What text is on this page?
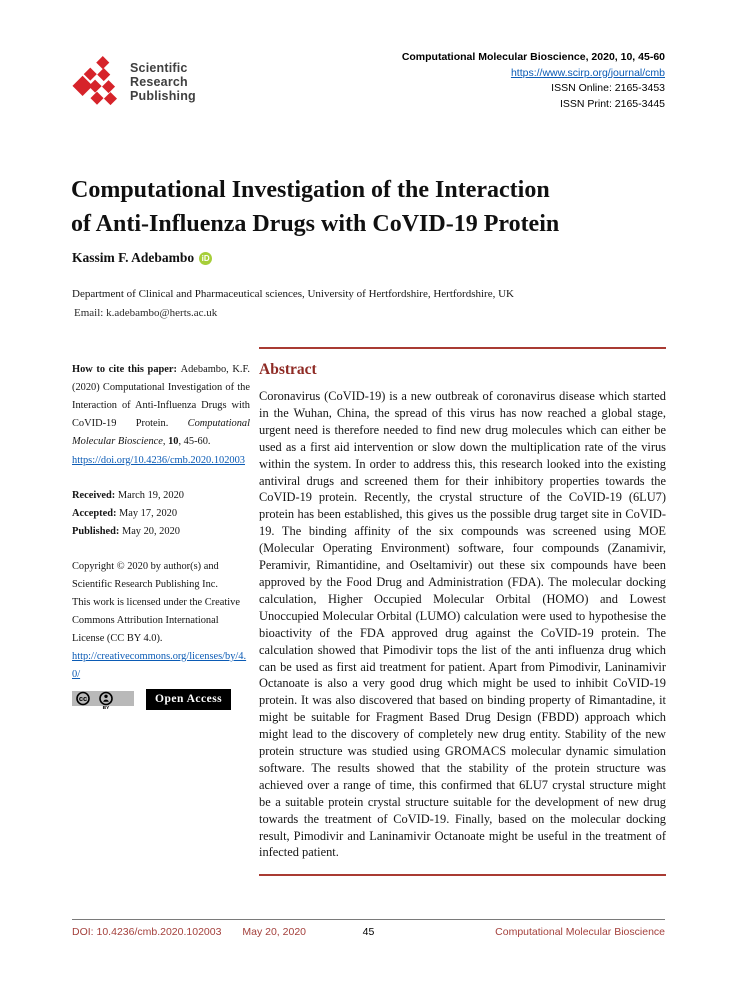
Scientific
Research
Publishing
Computational Molecular Bioscience, 2020, 10, 45-60
https://www.scirp.org/journal/cmb
ISSN Online: 2165-3453
ISSN Print: 2165-3445
Computational Investigation of the Interaction
of Anti-Influenza Drugs with CoVID-19 Protein
Kassim F. Adebambo iD
Department of Clinical and Pharmaceutical sciences, University of Hertfordshire, Hertfordshire, UK
Email: k.adebambo@herts.ac.uk

How to cite this paper: Adebambo, K.F. (2020) Computational Investigation of the Interaction of Anti-Influenza Drugs with CoVID-19 Protein. Computational Molecular Bioscience, 10, 45-60.

https://doi.org/10.4236/cmb.2020.102003
Received: March 19, 2020
Accepted: May 17, 2020
Published: May 20, 2020
Copyright © 2020 by author(s) and Scientific Research Publishing Inc.
This work is licensed under the Creative Commons Attribution International License (CC BY 4.0).
http://creativecommons.org/licenses/by/4.0/
cc
BY
Open Access
Abstract

Coronavirus (CoVID-19) is a new outbreak of coronavirus disease which started in the Wuhan, China, the spread of this virus has now reached a global stage, urgent need is therefore needed to find new drug molecules which can either be used as a first aid intervention or slow down the multiplication rate of the virus within the system. In order to address this, this research looked into the existing antiviral drugs and screened them for their inhibitory properties towards the CoVID-19 protein. Recently, the crystal structure of the CoVID-19 (6LU7) protein has been established, this gives us the possible drug target site in CoVID-19. The binding affinity of the six compounds was screened using MOE (Molecular Operating Environment) software, four compounds (Zanamivir, Peramivir, Rimantidine, and Oseltamivir) out these six compounds have been approved by the Food Drug and Administration (FDA). The molecular docking calculation, Higher Occupied Molecular Orbital (HOMO) and Lowest Unoccupied Molecular Orbital (LUMO) calculation were used to hypothesise the bioactivity of the FDA approved drug against the CoVID-19 protein. The calculation showed that Pimodivir tops the list of the anti influenza drug which can be used as first aid treatment for patient. Apart from Pimodivir, Laninamivir Octanoate is also a very good drug which might be used to inhibit CoVID-19 protein. It was also discovered that based on binding property of Rimantadine, it might be suitable for Fragment Based Drug Design (FBDD) approach which might lead to the discovery of completely new drug entity. Stability of the new protein structure was studied using GROMACS molecular dynamic simulation software. The results showed that the stability of the protein structure was achieved over a range of time, this confirmed that 6LU7 crystal structure might be a suitable protein crystal structure suitable for the development of new drug towards the treatment of CoVID-19. Finally, based on the molecular docking result, Pimodivir and Laninamivir Octanoate might be useful in the treatment of infected patient.

DOI: 10.4236/cmb.2020.102003 May 20, 2020	45	Computational Molecular Bioscience
